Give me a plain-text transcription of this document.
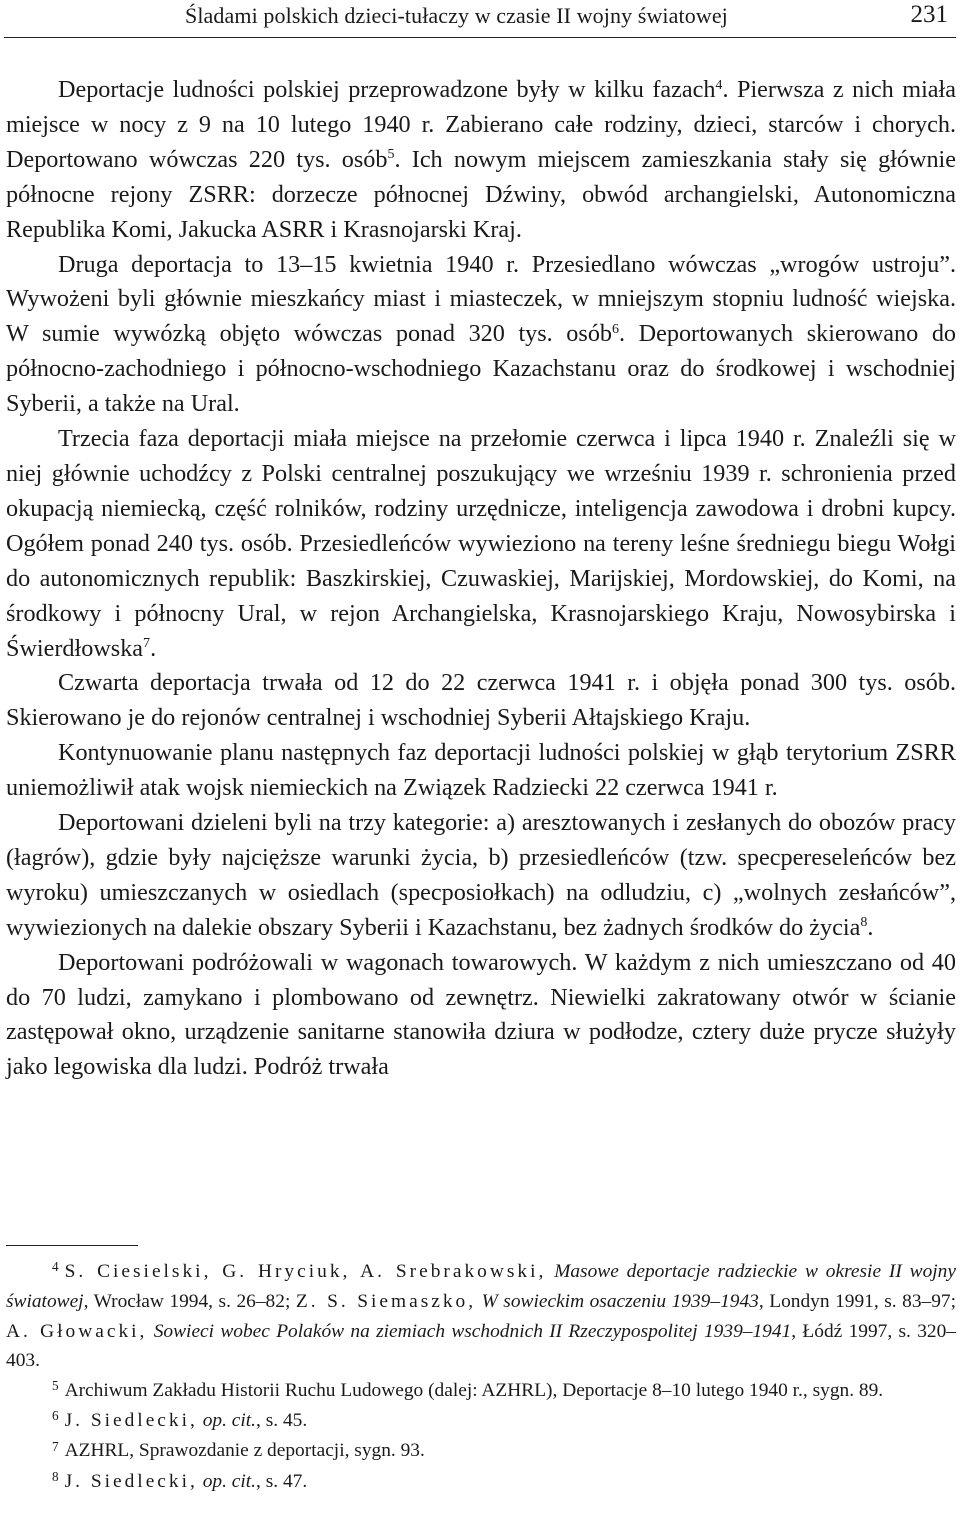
Śladami polskich dzieci-tułaczy w czasie II wojny światowej	231

Deportacje ludności polskiej przeprowadzone były w kilku fazach$^4$. Pierwsza z nich miała miejsce w nocy z 9 na 10 lutego 1940 r. Zabierano całe rodziny, dzieci, starców i chorych. Deportowano wówczas 220 tys. osób$^5$. Ich nowym miejscem zamieszkania stały się głównie północne rejony ZSRR: dorzecze północnej Dźwiny, obwód archangielski, Autonomiczna Republika Komi, Jakucka ASRR i Krasnojarski Kraj.

Druga deportacja to 13–15 kwietnia 1940 r. Przesiedlano wówczas „wrogów ustroju”. Wywożeni byli głównie mieszkańcy miast i miasteczek, w mniejszym stopniu ludność wiejska. W sumie wywózką objęto wówczas ponad 320 tys. osób$^6$. Deportowanych skierowano do północno-zachodniego i północno-wschodniego Kazachstanu oraz do środkowej i wschodniej Syberii, a także na Ural.

Trzecia faza deportacji miała miejsce na przełomie czerwca i lipca 1940 r. Znaleźli się w niej głównie uchodźcy z Polski centralnej poszukujący we wrześniu 1939 r. schronienia przed okupacją niemiecką, część rolników, rodziny urzędnicze, inteligencja zawodowa i drobni kupcy. Ogółem ponad 240 tys. osób. Przesiedleńców wywieziono na tereny leśne średniegu biegu Wołgi do autonomicznych republik: Baszkirskiej, Czuwaskiej, Marijskiej, Mordowskiej, do Komi, na środkowy i północny Ural, w rejon Archangielska, Krasnojarskiego Kraju, Nowosybirska i Świerdłowska$^7$.

Czwarta deportacja trwała od 12 do 22 czerwca 1941 r. i objęła ponad 300 tys. osób. Skierowano je do rejonów centralnej i wschodniej Syberii Ałtajskiego Kraju.

Kontynuowanie planu następnych faz deportacji ludności polskiej w głąb terytorium ZSRR uniemożliwił atak wojsk niemieckich na Związek Radziecki 22 czerwca 1941 r.

Deportowani dzieleni byli na trzy kategorie: a) aresztowanych i zesłanych do obozów pracy (łagrów), gdzie były najcięższe warunki życia, b) przesiedleńców (tzw. specpereseleńców bez wyroku) umieszczanych w osiedlach (specposiołkach) na odludziu, c) „wolnych zesłańców”, wywiezionych na dalekie obszary Syberii i Kazachstanu, bez żadnych środków do życia$^8$.

Deportowani podróżowali w wagonach towarowych. W każdym z nich umieszczano od 40 do 70 ludzi, zamykano i plombowano od zewnętrz. Niewielki zakratowany otwór w ścianie zastępował okno, urządzenie sanitarne stanowiła dziura w podłodze, cztery duże prycze służyły jako legowiska dla ludzi. Podróż trwała

$^4$ S. Ciesielski, G. Hryciuk, A. Srebrakowski, Masowe deportacje radzieckie w okresie II wojny światowej, Wrocław 1994, s. 26–82; Z. S. Siemaszko, W sowieckim osaczeniu 1939–1943, Londyn 1991, s. 83–97; A. Głowacki, Sowieci wobec Polaków na ziemiach wschodnich II Rzeczypospolitej 1939–1941, Łódź 1997, s. 320–403.

$^5$ Archiwum Zakładu Historii Ruchu Ludowego (dalej: AZHRL), Deportacje 8–10 lutego 1940 r., sygn. 89.

$^6$ J. Siedlecki, op. cit., s. 45.

$^7$ AZHRL, Sprawozdanie z deportacji, sygn. 93.

$^8$ J. Siedlecki, op. cit., s. 47.
